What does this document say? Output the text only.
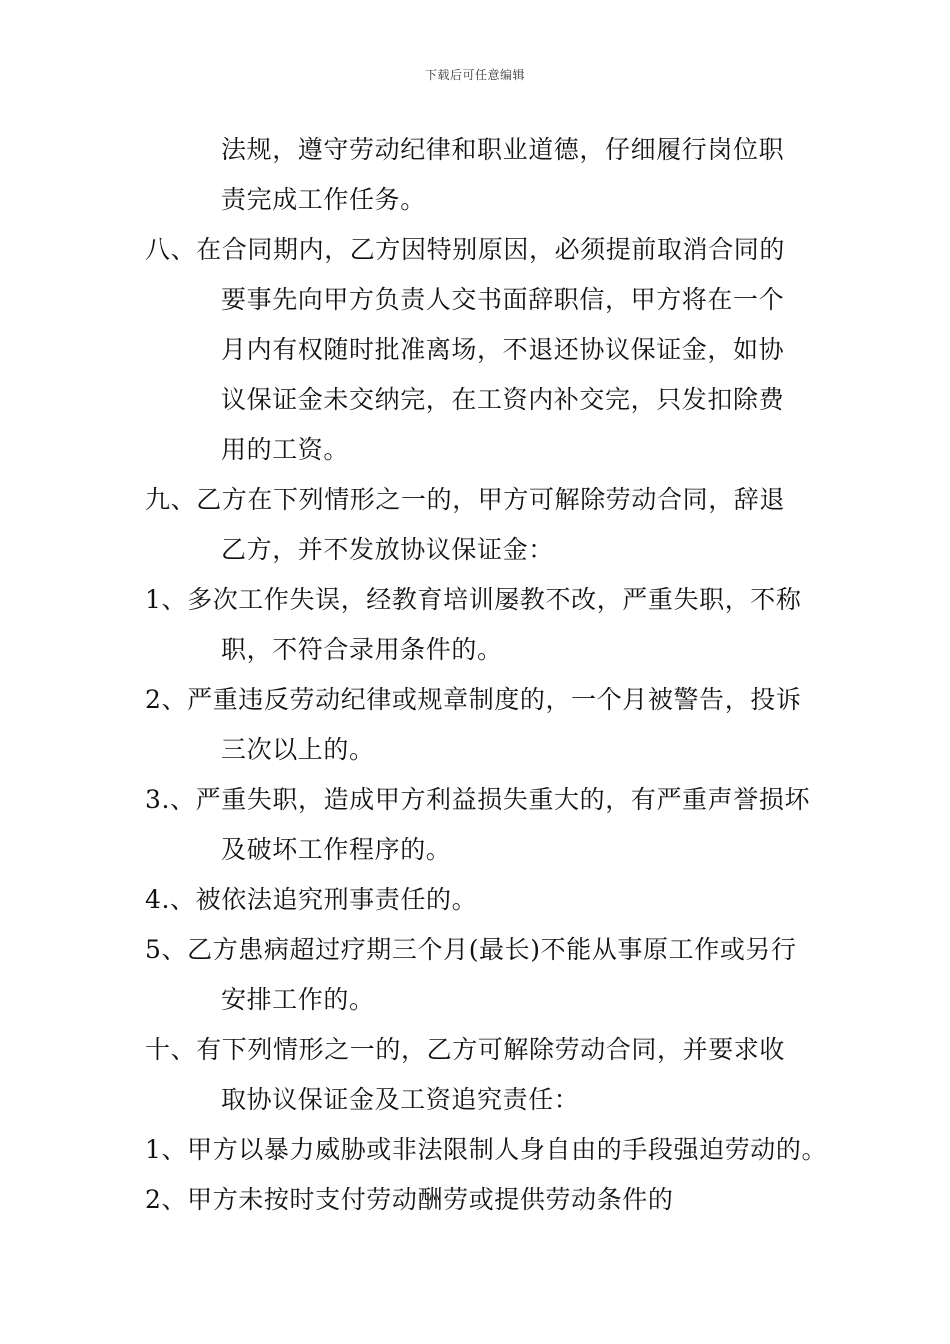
下载后可任意编辑
法规，遵守劳动纪律和职业道德，仔细履行岗位职
责完成工作任务。
八、在合同期内，乙方因特别原因，必须提前取消合同的
要事先向甲方负责人交书面辞职信，甲方将在一个
月内有权随时批准离场，不退还协议保证金，如协
议保证金未交纳完，在工资内补交完，只发扣除费
用的工资。
九、乙方在下列情形之一的，甲方可解除劳动合同，辞退
乙方，并不发放协议保证金：
1、多次工作失误，经教育培训屡教不改，严重失职，不称
职，不符合录用条件的。
2、严重违反劳动纪律或规章制度的，一个月被警告，投诉
三次以上的。
3.、严重失职，造成甲方利益损失重大的，有严重声誉损坏
及破坏工作程序的。
4.、被依法追究刑事责任的。
5、乙方患病超过疗期三个月(最长)不能从事原工作或另行
安排工作的。
十、有下列情形之一的，乙方可解除劳动合同，并要求收
取协议保证金及工资追究责任：
1、甲方以暴力威胁或非法限制人身自由的手段强迫劳动的。
2、甲方未按时支付劳动酬劳或提供劳动条件的
